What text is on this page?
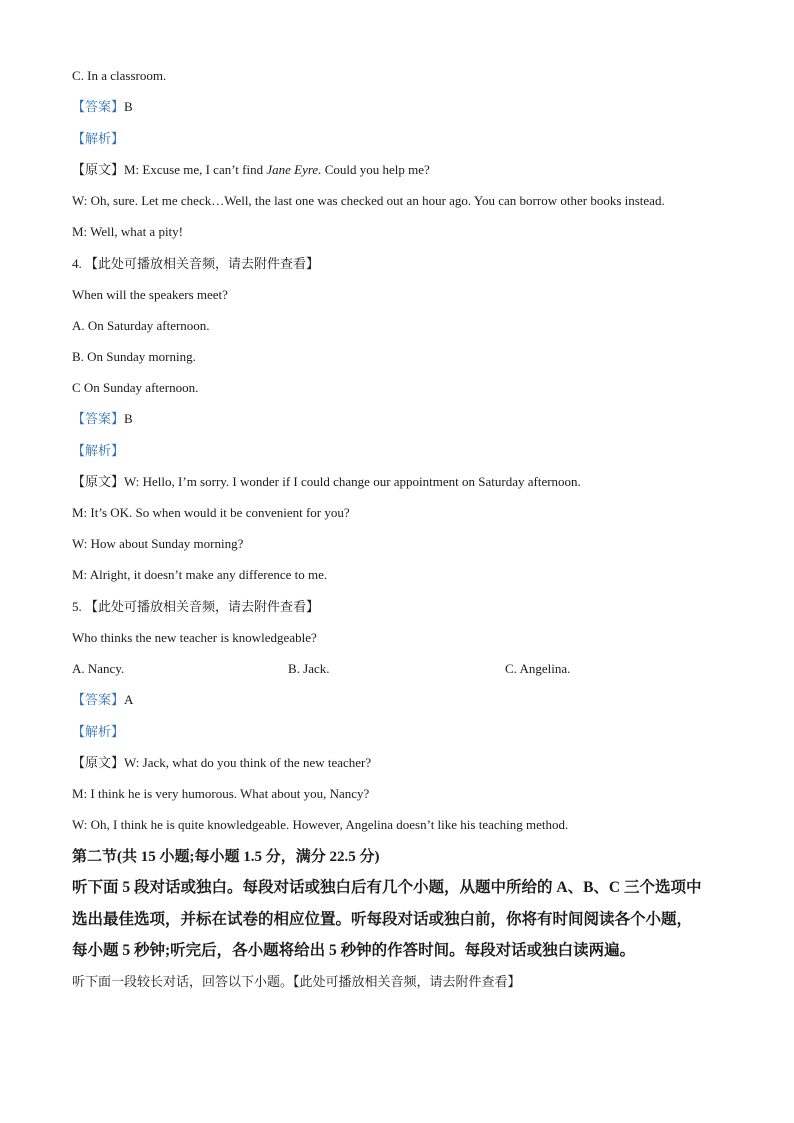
C. In a classroom.
【答案】B
【解析】
【原文】M: Excuse me, I can’t find Jane Eyre. Could you help me?
W: Oh, sure. Let me check…Well, the last one was checked out an hour ago. You can borrow other books instead.
M: Well, what a pity!
4. 【此处可播放相关音频，请去附件查看】
When will the speakers meet?
A. On Saturday afternoon.
B. On Sunday morning.
C On Sunday afternoon.
【答案】B
【解析】
【原文】W: Hello, I’m sorry. I wonder if I could change our appointment on Saturday afternoon.
M: It’s OK. So when would it be convenient for you?
W: How about Sunday morning?
M: Alright, it doesn’t make any difference to me.
5. 【此处可播放相关音频，请去附件查看】
Who thinks the new teacher is knowledgeable?
A. Nancy.	B. Jack.	C. Angelina.
【答案】A
【解析】
【原文】W: Jack, what do you think of the new teacher?
M: I think he is very humorous. What about you, Nancy?
W: Oh, I think he is quite knowledgeable. However, Angelina doesn’t like his teaching method.
第二节(共 15 小题;每小题 1.5 分，满分 22.5 分)
听下面 5 段对话或独白。每段对话或独白后有几个小题，从题中所给的 A、B、C 三个选项中
选出最佳选项，并标在试卷的相应位置。听每段对话或独白前，你将有时间阅读各个小题，
每小题 5 秒钟;听完后，各小题将给出 5 秒钟的作答时间。每段对话或独白读两遍。
听下面一段较长对话，回答以下小题。【此处可播放相关音频，请去附件查看】
